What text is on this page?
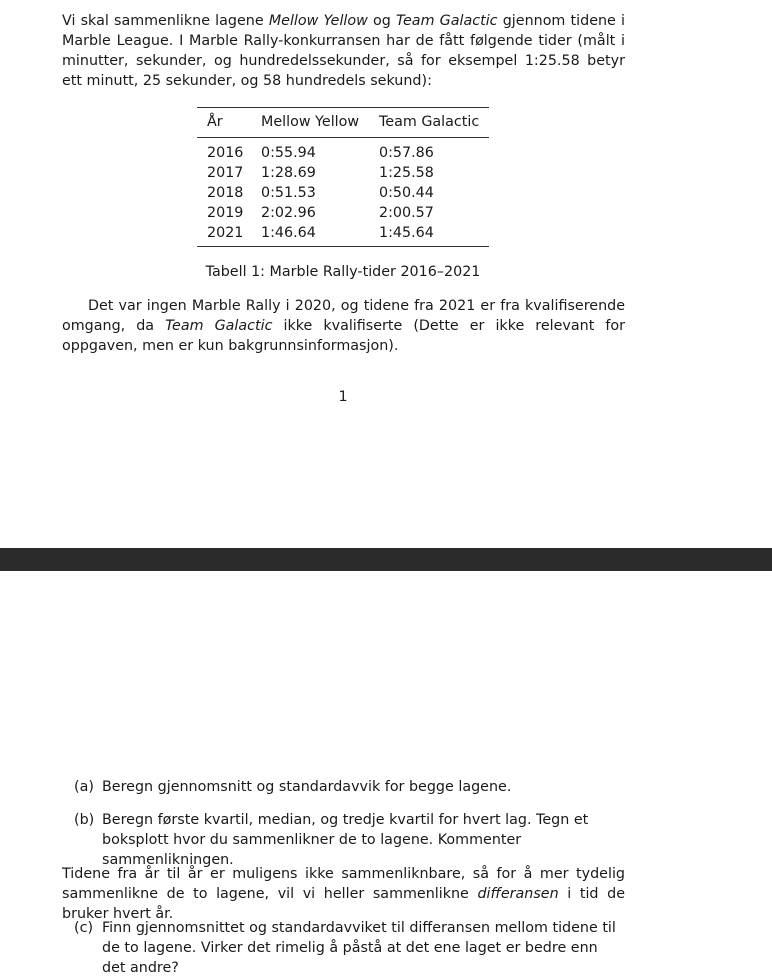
Vi skal sammenlikne lagene Mellow Yellow og Team Galactic gjennom tidene i Marble League. I Marble Rally-konkurransen har de fått følgende tider (målt i minutter, sekunder, og hundredelssekunder, så for eksempel 1:25.58 betyr ett minutt, 25 sekunder, og 58 hundredels sekund):

År	Mellow Yellow	Team Galactic
2016	0:55.94	0:57.86
2017	1:28.69	1:25.58
2018	0:51.53	0:50.44
2019	2:02.96	2:00.57
2021	1:46.64	1:45.64
Tabell 1: Marble Rally-tider 2016–2021

Det var ingen Marble Rally i 2020, og tidene fra 2021 er fra kvalifiserende omgang, da Team Galactic ikke kvalifiserte (Dette er ikke relevant for oppgaven, men er kun bakgrunnsinformasjon).

1
(a) Beregn gjennomsnitt og standardavvik for begge lagene.
(b) Beregn første kvartil, median, og tredje kvartil for hvert lag. Tegn et boksplott hvor du sammenlikner de to lagene. Kommenter sammenlikningen.

Tidene fra år til år er muligens ikke sammenliknbare, så for å mer tydelig sammenlikne de to lagene, vil vi heller sammenlikne differansen i tid de bruker hvert år.

(c) Finn gjennomsnittet og standardavviket til differansen mellom tidene til de to lagene. Virker det rimelig å påstå at det ene laget er bedre enn det andre?
